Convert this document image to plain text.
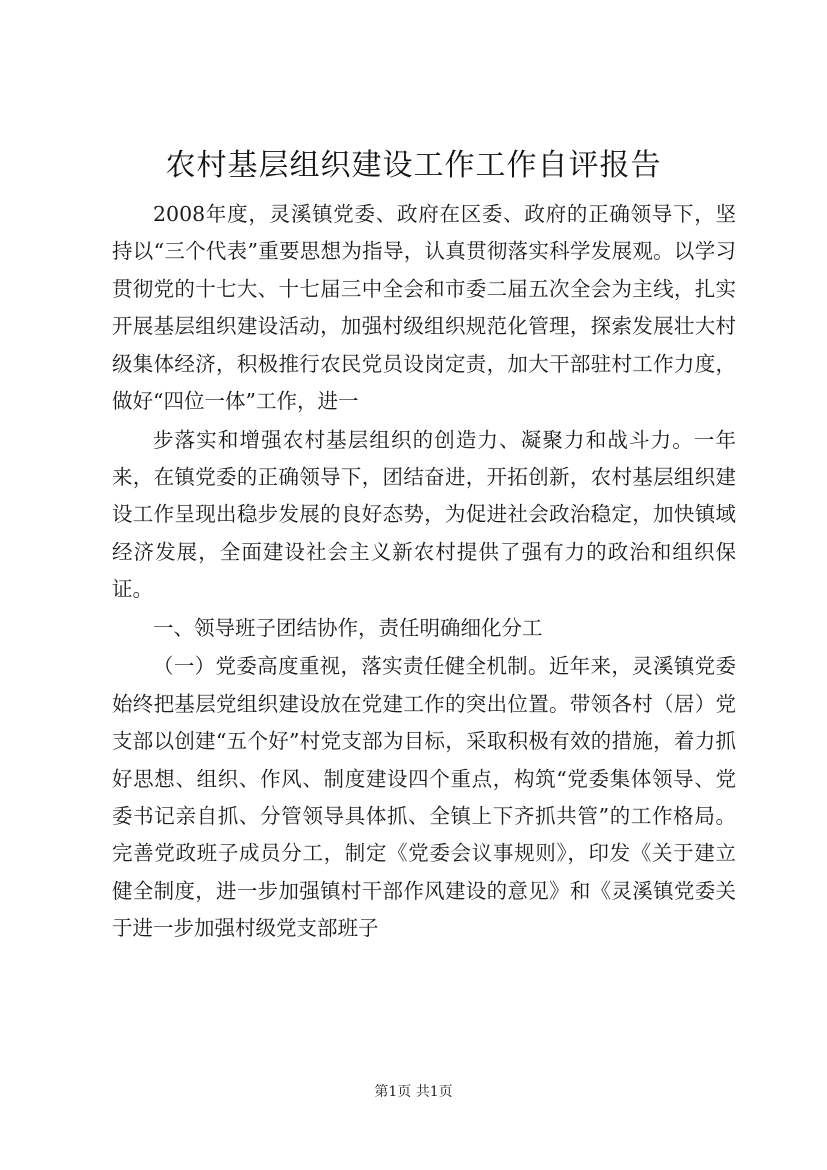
农村基层组织建设工作工作自评报告

2008年度，灵溪镇党委、政府在区委、政府的正确领导下，坚持以“三个代表”重要思想为指导，认真贯彻落实科学发展观。以学习贯彻党的十七大、十七届三中全会和市委二届五次全会为主线，扎实开展基层组织建设活动，加强村级组织规范化管理，探索发展壮大村级集体经济，积极推行农民党员设岗定责，加大干部驻村工作力度，做好“四位一体”工作，进一

步落实和增强农村基层组织的创造力、凝聚力和战斗力。一年来，在镇党委的正确领导下，团结奋进，开拓创新，农村基层组织建设工作呈现出稳步发展的良好态势，为促进社会政治稳定，加快镇域经济发展，全面建设社会主义新农村提供了强有力的政治和组织保证。

一、领导班子团结协作，责任明确细化分工

（一）党委高度重视，落实责任健全机制。近年来，灵溪镇党委始终把基层党组织建设放在党建工作的突出位置。带领各村（居）党支部以创建“五个好”村党支部为目标，采取积极有效的措施，着力抓好思想、组织、作风、制度建设四个重点，构筑“党委集体领导、党委书记亲自抓、分管领导具体抓、全镇上下齐抓共管”的工作格局。完善党政班子成员分工，制定《党委会议事规则》，印发《关于建立健全制度，进一步加强镇村干部作风建设的意见》和《灵溪镇党委关于进一步加强村级党支部班子

第1页 共1页
